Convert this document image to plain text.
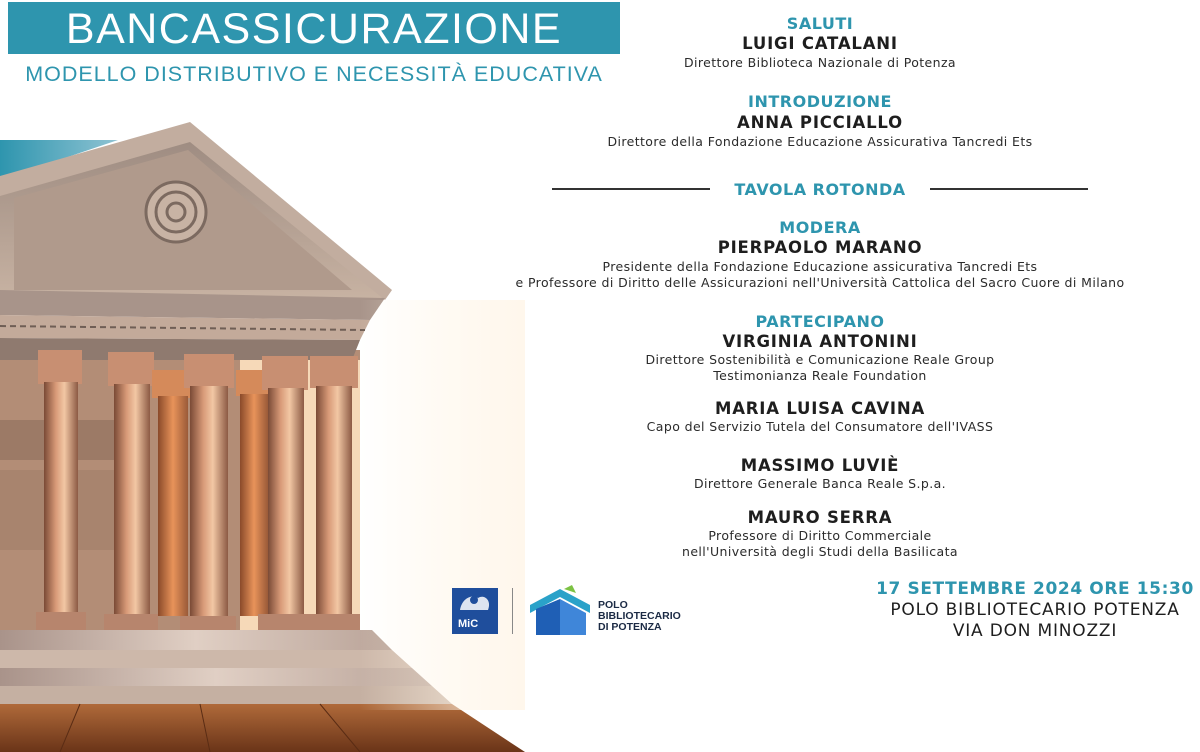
BANCASSICURAZIONE
MODELLO DISTRIBUTIVO E NECESSITÀ EDUCATIVA
SALUTI
LUIGI CATALANI
Direttore Biblioteca Nazionale di Potenza
INTRODUZIONE
ANNA PICCIALLO
Direttore della Fondazione Educazione Assicurativa Tancredi Ets
TAVOLA ROTONDA
MODERA
PIERPAOLO MARANO
Presidente della Fondazione Educazione assicurativa Tancredi Ets
e Professore di Diritto delle Assicurazioni nell'Università Cattolica del Sacro Cuore di Milano
PARTECIPANO
VIRGINIA ANTONINI
Direttore Sostenibilità e Comunicazione Reale Group
Testimonianza Reale Foundation
MARIA LUISA CAVINA
Capo del Servizio Tutela del Consumatore dell'IVASS
MASSIMO LUVIÈ
Direttore Generale Banca Reale S.p.a.
MAURO SERRA
Professore di Diritto Commerciale
nell'Università degli Studi della Basilicata
MiC
POLO
BIBLIOTECARIO
DI POTENZA
17 SETTEMBRE 2024 ORE 15:30
POLO BIBLIOTECARIO POTENZA
VIA DON MINOZZI
